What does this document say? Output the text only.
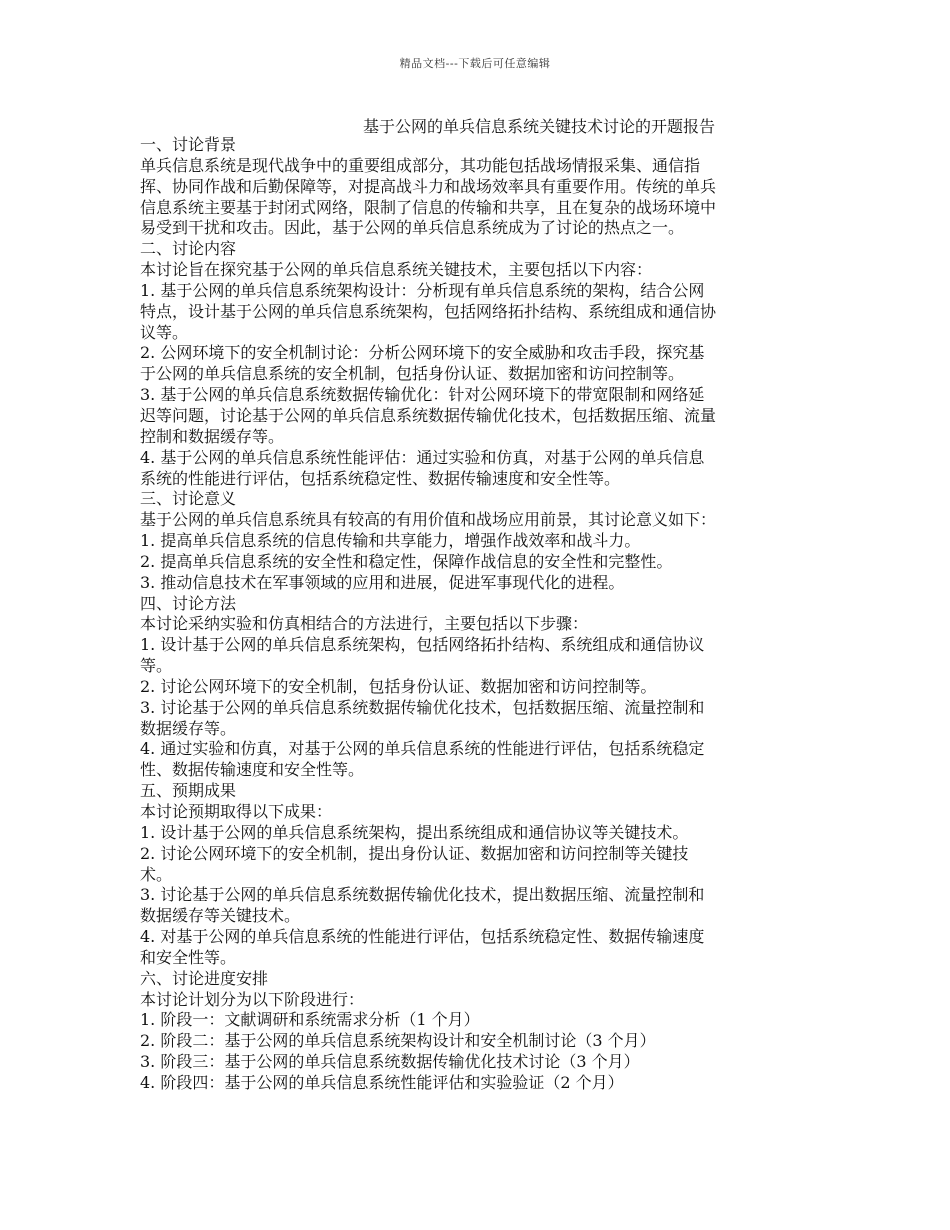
精品文档---下载后可任意编辑
基于公网的单兵信息系统关键技术讨论的开题报告
一、讨论背景
单兵信息系统是现代战争中的重要组成部分，其功能包括战场情报采集、通信指
挥、协同作战和后勤保障等，对提高战斗力和战场效率具有重要作用。传统的单兵
信息系统主要基于封闭式网络，限制了信息的传输和共享，且在复杂的战场环境中
易受到干扰和攻击。因此，基于公网的单兵信息系统成为了讨论的热点之一。
二、讨论内容
本讨论旨在探究基于公网的单兵信息系统关键技术，主要包括以下内容：
1. 基于公网的单兵信息系统架构设计：分析现有单兵信息系统的架构，结合公网
特点，设计基于公网的单兵信息系统架构，包括网络拓扑结构、系统组成和通信协
议等。
2. 公网环境下的安全机制讨论：分析公网环境下的安全威胁和攻击手段，探究基
于公网的单兵信息系统的安全机制，包括身份认证、数据加密和访问控制等。
3. 基于公网的单兵信息系统数据传输优化：针对公网环境下的带宽限制和网络延
迟等问题，讨论基于公网的单兵信息系统数据传输优化技术，包括数据压缩、流量
控制和数据缓存等。
4. 基于公网的单兵信息系统性能评估：通过实验和仿真，对基于公网的单兵信息
系统的性能进行评估，包括系统稳定性、数据传输速度和安全性等。
三、讨论意义
基于公网的单兵信息系统具有较高的有用价值和战场应用前景，其讨论意义如下：
1. 提高单兵信息系统的信息传输和共享能力，增强作战效率和战斗力。
2. 提高单兵信息系统的安全性和稳定性，保障作战信息的安全性和完整性。
3. 推动信息技术在军事领域的应用和进展，促进军事现代化的进程。
四、讨论方法
本讨论采纳实验和仿真相结合的方法进行，主要包括以下步骤：
1. 设计基于公网的单兵信息系统架构，包括网络拓扑结构、系统组成和通信协议
等。
2. 讨论公网环境下的安全机制，包括身份认证、数据加密和访问控制等。
3. 讨论基于公网的单兵信息系统数据传输优化技术，包括数据压缩、流量控制和
数据缓存等。
4. 通过实验和仿真，对基于公网的单兵信息系统的性能进行评估，包括系统稳定
性、数据传输速度和安全性等。
五、预期成果
本讨论预期取得以下成果：
1. 设计基于公网的单兵信息系统架构，提出系统组成和通信协议等关键技术。
2. 讨论公网环境下的安全机制，提出身份认证、数据加密和访问控制等关键技
术。
3. 讨论基于公网的单兵信息系统数据传输优化技术，提出数据压缩、流量控制和
数据缓存等关键技术。
4. 对基于公网的单兵信息系统的性能进行评估，包括系统稳定性、数据传输速度
和安全性等。
六、讨论进度安排
本讨论计划分为以下阶段进行：
1. 阶段一：文献调研和系统需求分析（1 个月）
2. 阶段二：基于公网的单兵信息系统架构设计和安全机制讨论（3 个月）
3. 阶段三：基于公网的单兵信息系统数据传输优化技术讨论（3 个月）
4. 阶段四：基于公网的单兵信息系统性能评估和实验验证（2 个月）
